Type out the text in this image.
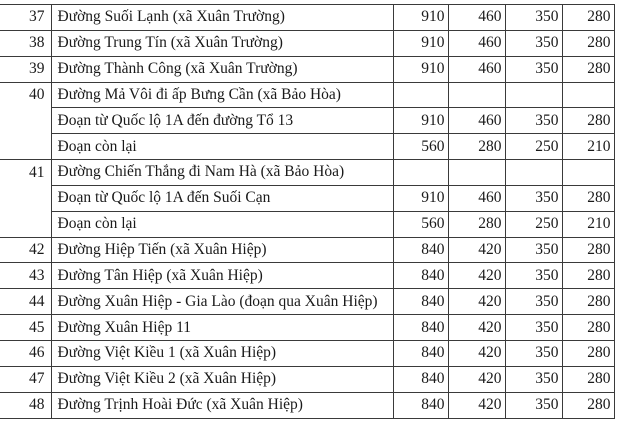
37	Đường Suối Lạnh (xã Xuân Trường)	910	460	350	280
38	Đường Trung Tín (xã Xuân Trường)	910	460	350	280
39	Đường Thành Công (xã Xuân Trường)	910	460	350	280
40	Đường Mả Vôi đi ấp Bưng Cần (xã Bảo Hòa)				
	Đoạn từ Quốc lộ 1A đến đường Tổ 13	910	460	350	280
	Đoạn còn lại	560	280	250	210
41	Đường Chiến Thắng đi Nam Hà (xã Bảo Hòa)				
	Đoạn từ Quốc lộ 1A đến Suối Cạn	910	460	350	280
	Đoạn còn lại	560	280	250	210
42	Đường Hiệp Tiến (xã Xuân Hiệp)	840	420	350	280
43	Đường Tân Hiệp (xã Xuân Hiệp)	840	420	350	280
44	Đường Xuân Hiệp - Gia Lào (đoạn qua Xuân Hiệp)	840	420	350	280
45	Đường Xuân Hiệp 11	840	420	350	280
46	Đường Việt Kiều 1 (xã Xuân Hiệp)	840	420	350	280
47	Đường Việt Kiều 2 (xã Xuân Hiệp)	840	420	350	280
48	Đường Trịnh Hoài Đức (xã Xuân Hiệp)	840	420	350	280
